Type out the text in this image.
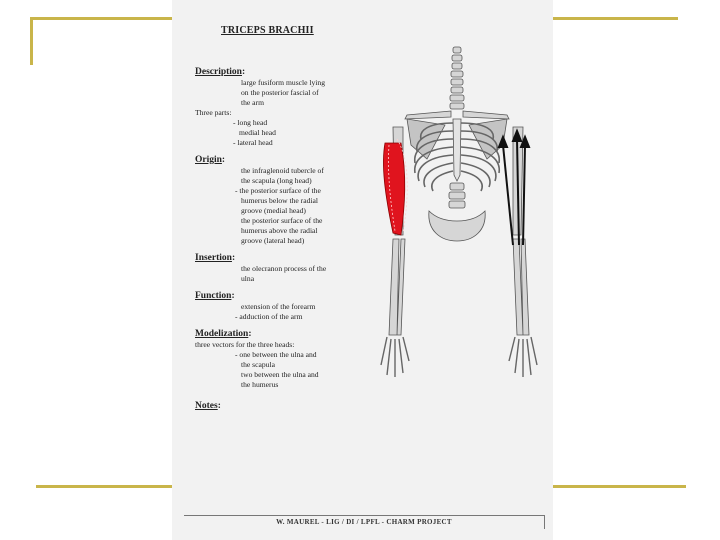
TRICEPS BRACHII
Description:
large fusiform muscle lying
on the posterior fascial of
the arm
Three parts:
- long head
medial head
- lateral head
Origin:
the infraglenoid tubercle of
the scapula (long head)
- the posterior surface of the
humerus below the radial
groove (medial head)
the posterior surface of the
humerus above the radial
groove (lateral head)
Insertion:
the olecranon process of the
ulna
Function:
extension of the forearm
- adduction of the arm
Modelization:
three vectors for the three heads:
- one between the ulna and
the scapula
two between the ulna and
the humerus
Notes:
W. MAUREL - LIG / DI / LPFL - CHARM PROJECT
